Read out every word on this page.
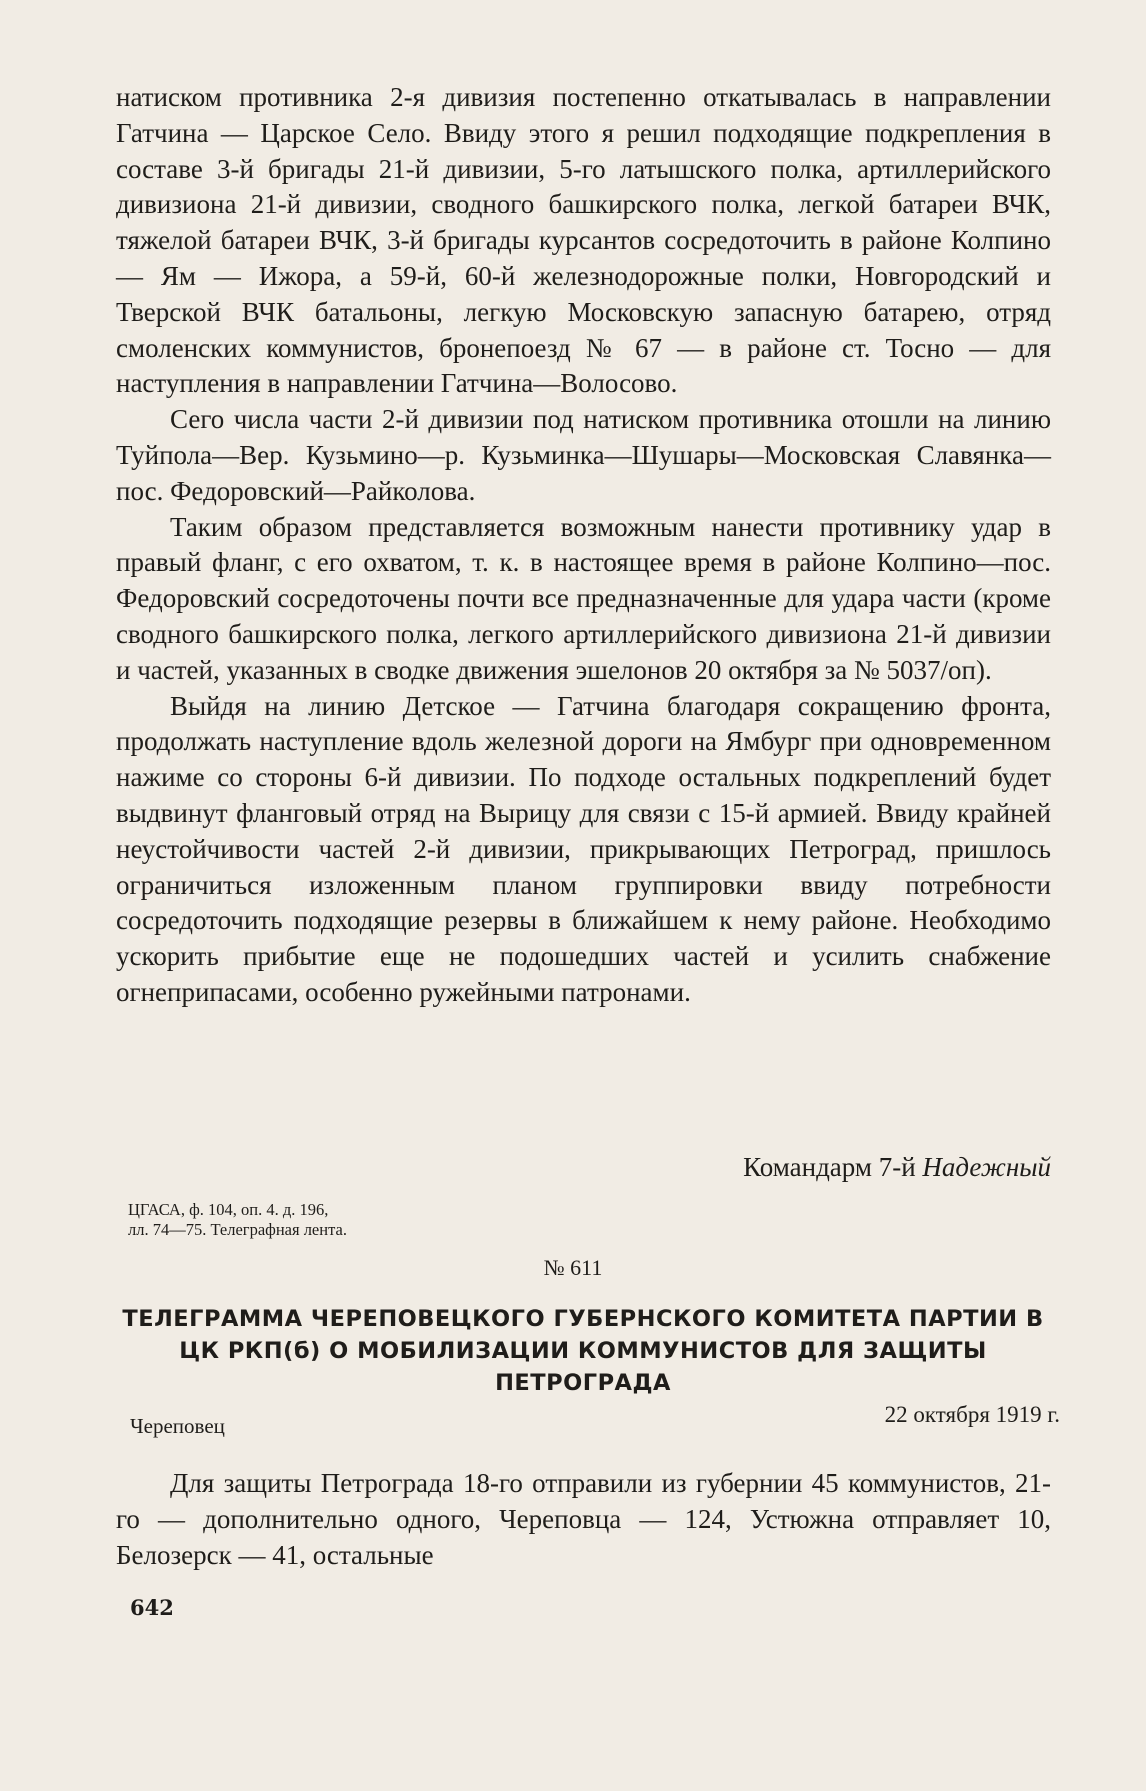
натиском противника 2-я дивизия постепенно откатывалась в направлении Гатчина — Царское Село. Ввиду этого я решил подходящие подкрепления в составе 3-й бригады 21-й дивизии, 5-го латышского полка, артиллерийского дивизиона 21-й дивизии, сводного башкирского полка, легкой батареи ВЧК, тяжелой батареи ВЧК, 3-й бригады курсантов сосредоточить в районе Колпино — Ям — Ижора, а 59-й, 60-й железнодорожные полки, Новгородский и Тверской ВЧК батальоны, легкую Московскую запасную батарею, отряд смоленских коммунистов, бронепоезд № 67 — в районе ст. Тосно — для наступления в направлении Гатчина—Волосово.

Сего числа части 2-й дивизии под натиском противника отошли на линию Туйпола—Вер. Кузьмино—р. Кузьминка—Шушары—Московская Славянка—пос. Федоровский—Райколова.

Таким образом представляется возможным нанести противнику удар в правый фланг, с его охватом, т. к. в настоящее время в районе Колпино—пос. Федоровский сосредоточены почти все предназначенные для удара части (кроме сводного башкирского полка, легкого артиллерийского дивизиона 21-й дивизии и частей, указанных в сводке движения эшелонов 20 октября за № 5037/оп).

Выйдя на линию Детское — Гатчина благодаря сокращению фронта, продолжать наступление вдоль железной дороги на Ямбург при одновременном нажиме со стороны 6-й дивизии. По подходе остальных подкреплений будет выдвинут фланговый отряд на Вырицу для связи с 15-й армией. Ввиду крайней неустойчивости частей 2-й дивизии, прикрывающих Петроград, пришлось ограничиться изложенным планом группировки ввиду потребности сосредоточить подходящие резервы в ближайшем к нему районе. Необходимо ускорить прибытие еще не подошедших частей и усилить снабжение огнеприпасами, особенно ружейными патронами.

Командарм 7-й Надежный
ЦГАСА, ф. 104, оп. 4. д. 196,
лл. 74—75. Телеграфная лента.
№ 611
ТЕЛЕГРАММА ЧЕРЕПОВЕЦКОГО ГУБЕРНСКОГО КОМИТЕТА ПАРТИИ В ЦК РКП(б) О МОБИЛИЗАЦИИ КОММУНИСТОВ ДЛЯ ЗАЩИТЫ ПЕТРОГРАДА
Череповец	22 октября 1919 г.

Для защиты Петрограда 18-го отправили из губернии 45 коммунистов, 21-го — дополнительно одного, Череповца — 124, Устюжна отправляет 10, Белозерск — 41, остальные

642
